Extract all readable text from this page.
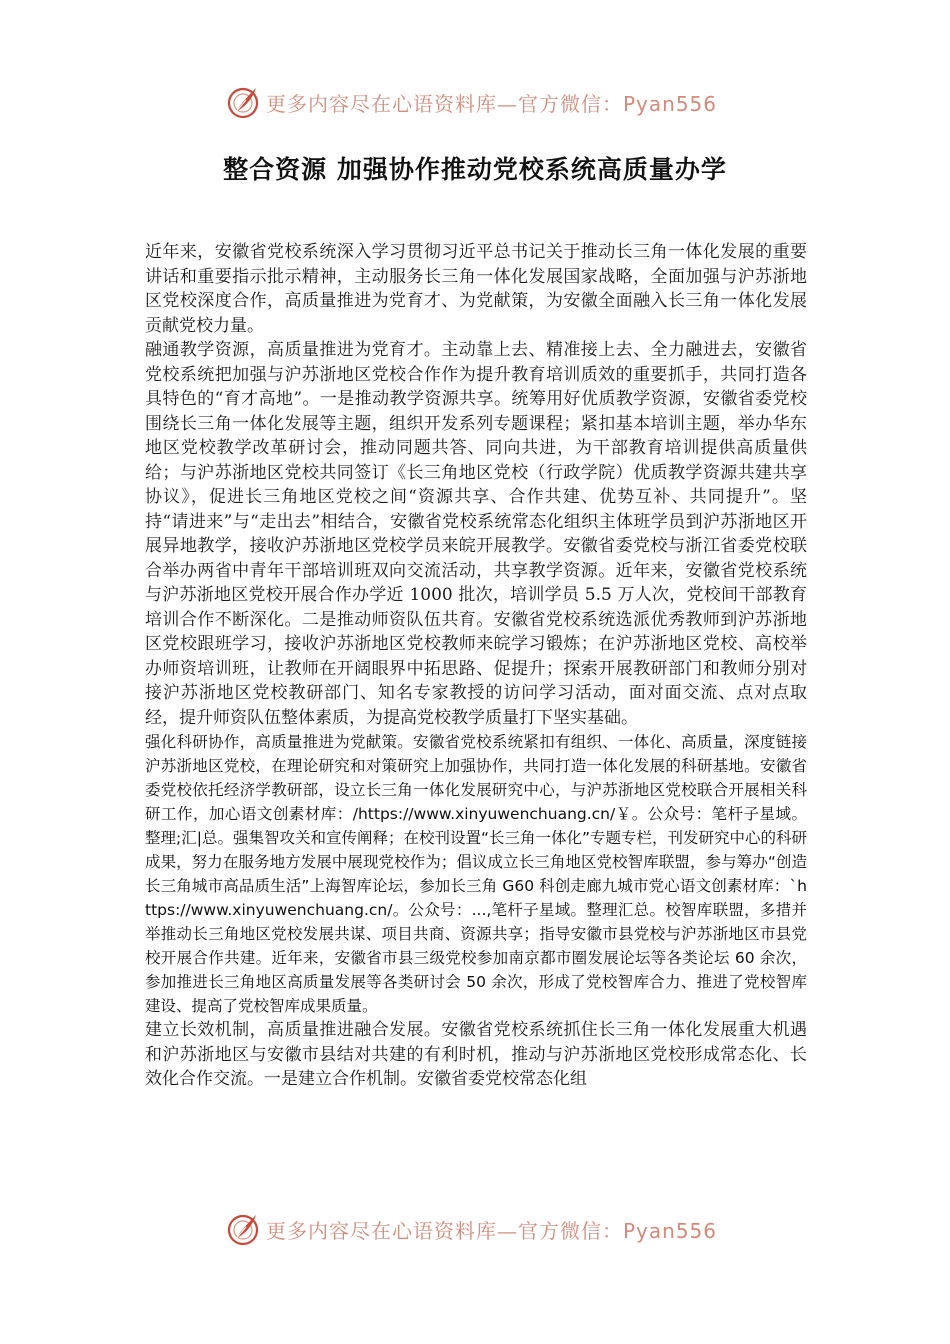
更多内容尽在心语资料库—官方微信：Pyan556
整合资源 加强协作推动党校系统高质量办学

近年来，安徽省党校系统深入学习贯彻习近平总书记关于推动长三角一体化发展的重要讲话和重要指示批示精神，主动服务长三角一体化发展国家战略，全面加强与沪苏浙地区党校深度合作，高质量推进为党育才、为党献策，为安徽全面融入长三角一体化发展贡献党校力量。

融通教学资源，高质量推进为党育才。主动靠上去、精准接上去、全力融进去，安徽省党校系统把加强与沪苏浙地区党校合作作为提升教育培训质效的重要抓手，共同打造各具特色的“育才高地”。一是推动教学资源共享。统筹用好优质教学资源，安徽省委党校围绕长三角一体化发展等主题，组织开发系列专题课程；紧扣基本培训主题，举办华东地区党校教学改革研讨会，推动同题共答、同向共进，为干部教育培训提供高质量供给；与沪苏浙地区党校共同签订《长三角地区党校（行政学院）优质教学资源共建共享协议》，促进长三角地区党校之间“资源共享、合作共建、优势互补、共同提升”。坚持“请进来”与“走出去”相结合，安徽省党校系统常态化组织主体班学员到沪苏浙地区开展异地教学，接收沪苏浙地区党校学员来皖开展教学。安徽省委党校与浙江省委党校联合举办两省中青年干部培训班双向交流活动，共享教学资源。近年来，安徽省党校系统与沪苏浙地区党校开展合作办学近 1000 批次，培训学员 5.5 万人次，党校间干部教育培训合作不断深化。二是推动师资队伍共育。安徽省党校系统选派优秀教师到沪苏浙地区党校跟班学习，接收沪苏浙地区党校教师来皖学习锻炼；在沪苏浙地区党校、高校举办师资培训班，让教师在开阔眼界中拓思路、促提升；探索开展教研部门和教师分别对接沪苏浙地区党校教研部门、知名专家教授的访问学习活动，面对面交流、点对点取经，提升师资队伍整体素质，为提高党校教学质量打下坚实基础。

强化科研协作，高质量推进为党献策。安徽省党校系统紧扣有组织、一体化、高质量，深度链接沪苏浙地区党校，在理论研究和对策研究上加强协作，共同打造一体化发展的科研基地。安徽省委党校依托经济学教研部，设立长三角一体化发展研究中心，与沪苏浙地区党校联合开展相关科研工作，加心语文创素材库：/https://www.xinyuwenchuang.cn/￥。公众号：笔杆子星域。整理;汇|总。强集智攻关和宣传阐释；在校刊设置“长三角一体化”专题专栏，刊发研究中心的科研成果，努力在服务地方发展中展现党校作为；倡议成立长三角地区党校智库联盟，参与筹办“创造长三角城市高品质生活”上海智库论坛，参加长三角 G60 科创走廊九城市党心语文创素材库：`https://www.xinyuwenchuang.cn/。公众号：...,笔杆子星域。整理汇总。校智库联盟，多措并举推动长三角地区党校发展共谋、项目共商、资源共享；指导安徽市县党校与沪苏浙地区市县党校开展合作共建。近年来，安徽省市县三级党校参加南京都市圈发展论坛等各类论坛 60 余次，参加推进长三角地区高质量发展等各类研讨会 50 余次，形成了党校智库合力、推进了党校智库建设、提高了党校智库成果质量。

建立长效机制，高质量推进融合发展。安徽省党校系统抓住长三角一体化发展重大机遇和沪苏浙地区与安徽市县结对共建的有利时机，推动与沪苏浙地区党校形成常态化、长效化合作交流。一是建立合作机制。安徽省委党校常态化组

更多内容尽在心语资料库—官方微信：Pyan556
